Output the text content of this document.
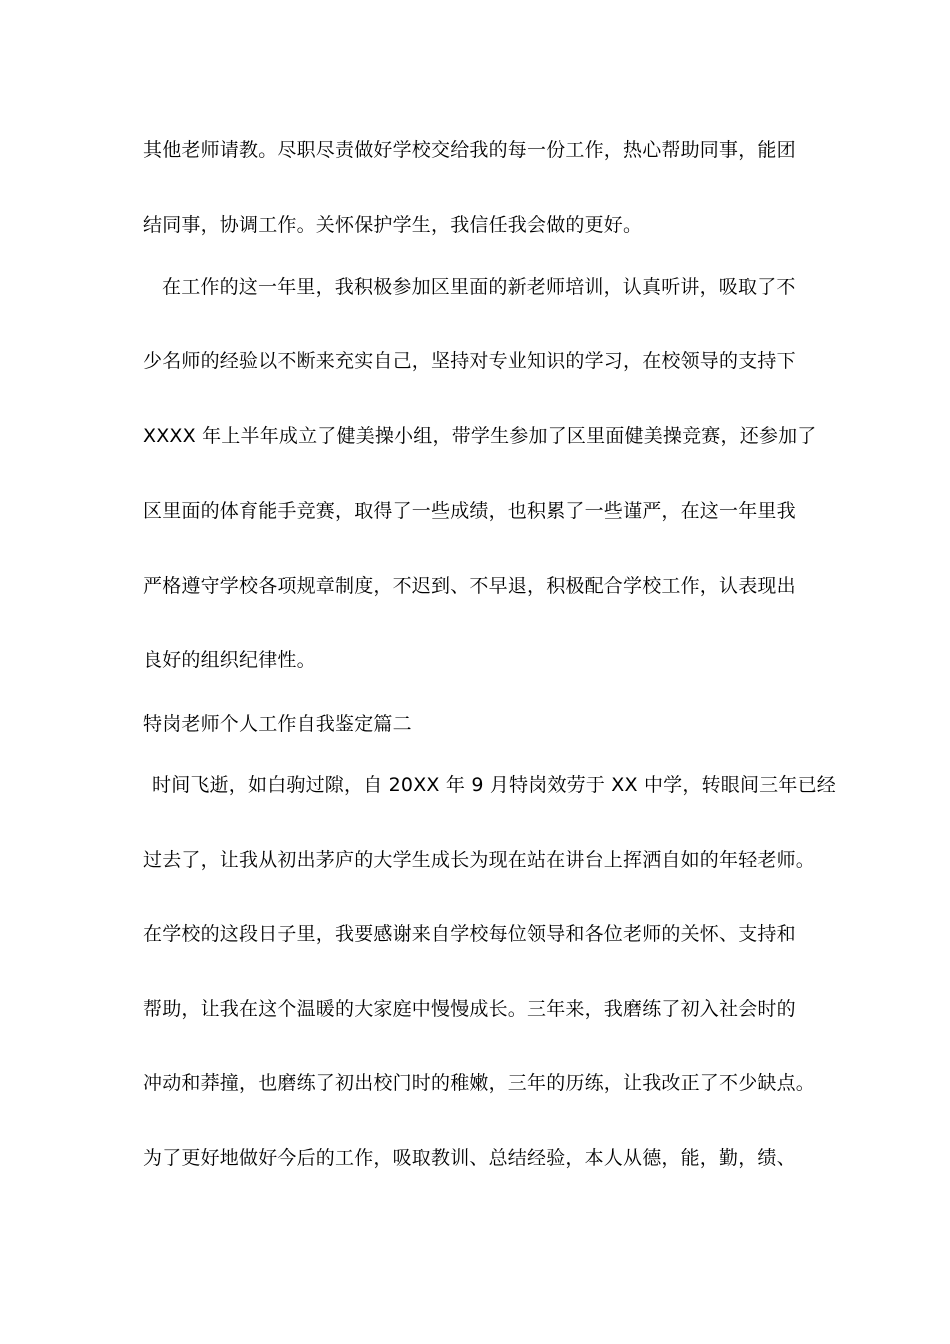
其他老师请教。尽职尽责做好学校交给我的每一份工作，热心帮助同事，能团
结同事，协调工作。关怀保护学生，我信任我会做的更好。
在工作的这一年里，我积极参加区里面的新老师培训，认真听讲，吸取了不
少名师的经验以不断来充实自己，坚持对专业知识的学习，在校领导的支持下
XXXX 年上半年成立了健美操小组，带学生参加了区里面健美操竞赛，还参加了
区里面的体育能手竞赛，取得了一些成绩，也积累了一些谨严，在这一年里我
严格遵守学校各项规章制度，不迟到、不早退，积极配合学校工作，认表现出
良好的组织纪律性。
特岗老师个人工作自我鉴定篇二
时间飞逝，如白驹过隙，自 20XX 年 9 月特岗效劳于 XX 中学，转眼间三年已经
过去了，让我从初出茅庐的大学生成长为现在站在讲台上挥洒自如的年轻老师。
在学校的这段日子里，我要感谢来自学校每位领导和各位老师的关怀、支持和
帮助，让我在这个温暖的大家庭中慢慢成长。三年来，我磨练了初入社会时的
冲动和莽撞，也磨练了初出校门时的稚嫩，三年的历练，让我改正了不少缺点。
为了更好地做好今后的工作，吸取教训、总结经验，本人从德，能，勤，绩、
